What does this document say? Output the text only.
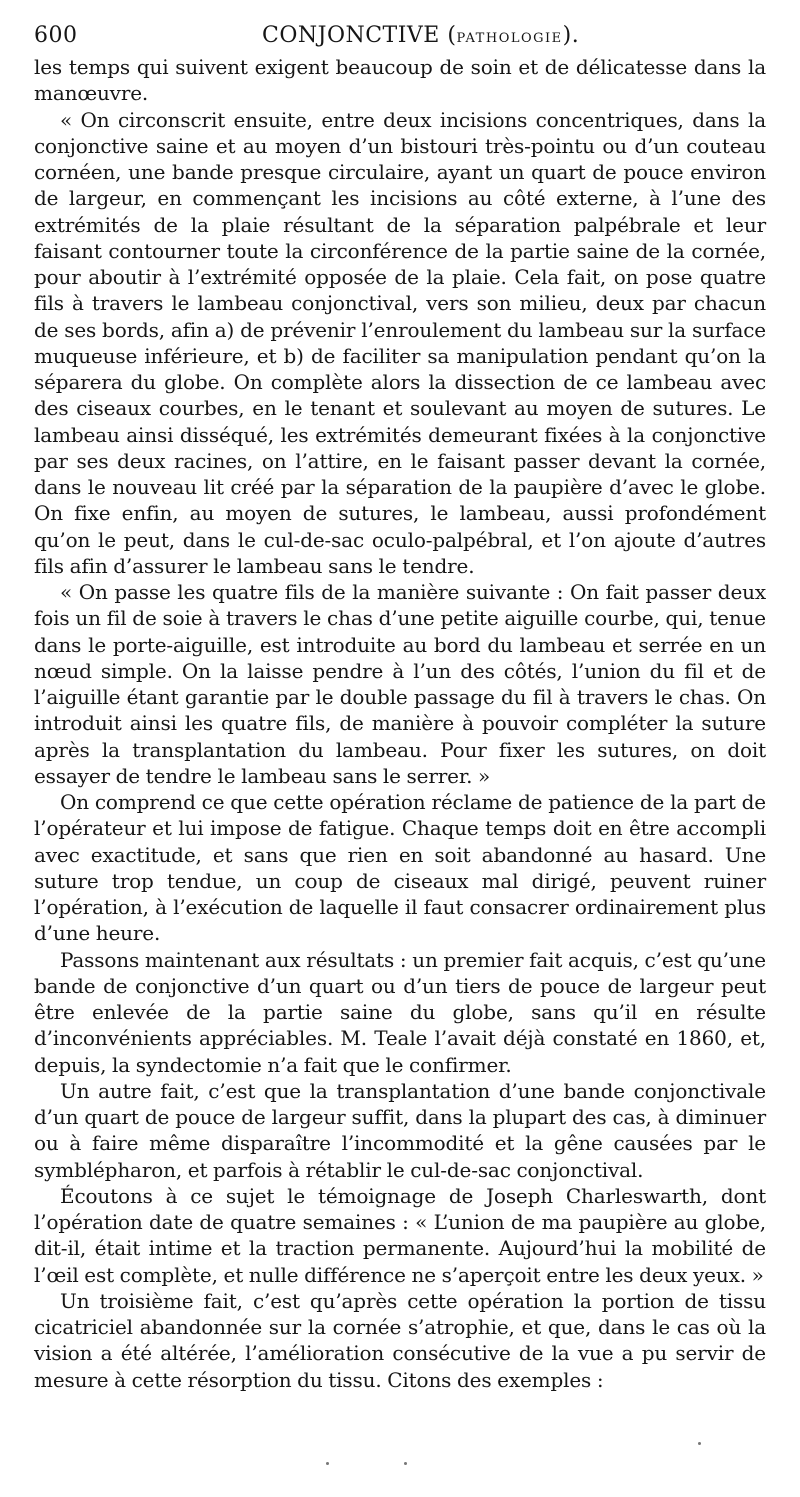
600	CONJONCTIVE (PATHOLOGIE).

les temps qui suivent exigent beaucoup de soin et de délicatesse dans la manœuvre.

« On circonscrit ensuite, entre deux incisions concentriques, dans la conjonctive saine et au moyen d’un bistouri très-pointu ou d’un couteau cornéen, une bande presque circulaire, ayant un quart de pouce environ de largeur, en commençant les incisions au côté externe, à l’une des extrémités de la plaie résultant de la séparation palpébrale et leur faisant contourner toute la circonférence de la partie saine de la cornée, pour aboutir à l’extrémité opposée de la plaie. Cela fait, on pose quatre fils à travers le lambeau conjonctival, vers son milieu, deux par chacun de ses bords, afin a) de prévenir l’enroulement du lambeau sur la surface muqueuse inférieure, et b) de faciliter sa manipulation pendant qu’on la séparera du globe. On complète alors la dissection de ce lambeau avec des ciseaux courbes, en le tenant et soulevant au moyen de sutures. Le lambeau ainsi disséqué, les extrémités demeurant fixées à la conjonctive par ses deux racines, on l’attire, en le faisant passer devant la cornée, dans le nouveau lit créé par la séparation de la paupière d’avec le globe. On fixe enfin, au moyen de sutures, le lambeau, aussi profondément qu’on le peut, dans le cul-de-sac oculo-palpébral, et l’on ajoute d’autres fils afin d’assurer le lambeau sans le tendre.

« On passe les quatre fils de la manière suivante : On fait passer deux fois un fil de soie à travers le chas d’une petite aiguille courbe, qui, tenue dans le porte-aiguille, est introduite au bord du lambeau et serrée en un nœud simple. On la laisse pendre à l’un des côtés, l’union du fil et de l’aiguille étant garantie par le double passage du fil à travers le chas. On introduit ainsi les quatre fils, de manière à pouvoir compléter la suture après la transplantation du lambeau. Pour fixer les sutures, on doit essayer de tendre le lambeau sans le serrer. »

On comprend ce que cette opération réclame de patience de la part de l’opérateur et lui impose de fatigue. Chaque temps doit en être accompli avec exactitude, et sans que rien en soit abandonné au hasard. Une suture trop tendue, un coup de ciseaux mal dirigé, peuvent ruiner l’opération, à l’exécution de laquelle il faut consacrer ordinairement plus d’une heure.

Passons maintenant aux résultats : un premier fait acquis, c’est qu’une bande de conjonctive d’un quart ou d’un tiers de pouce de largeur peut être enlevée de la partie saine du globe, sans qu’il en résulte d’inconvénients appréciables. M. Teale l’avait déjà constaté en 1860, et, depuis, la syndectomie n’a fait que le confirmer.

Un autre fait, c’est que la transplantation d’une bande conjonctivale d’un quart de pouce de largeur suffit, dans la plupart des cas, à diminuer ou à faire même disparaître l’incommodité et la gêne causées par le symblépharon, et parfois à rétablir le cul-de-sac conjonctival.

Écoutons à ce sujet le témoignage de Joseph Charleswarth, dont l’opération date de quatre semaines : « L’union de ma paupière au globe, dit-il, était intime et la traction permanente. Aujourd’hui la mobilité de l’œil est complète, et nulle différence ne s’aperçoit entre les deux yeux. »

Un troisième fait, c’est qu’après cette opération la portion de tissu cicatriciel abandonnée sur la cornée s’atrophie, et que, dans le cas où la vision a été altérée, l’amélioration consécutive de la vue a pu servir de mesure à cette résorption du tissu. Citons des exemples :
